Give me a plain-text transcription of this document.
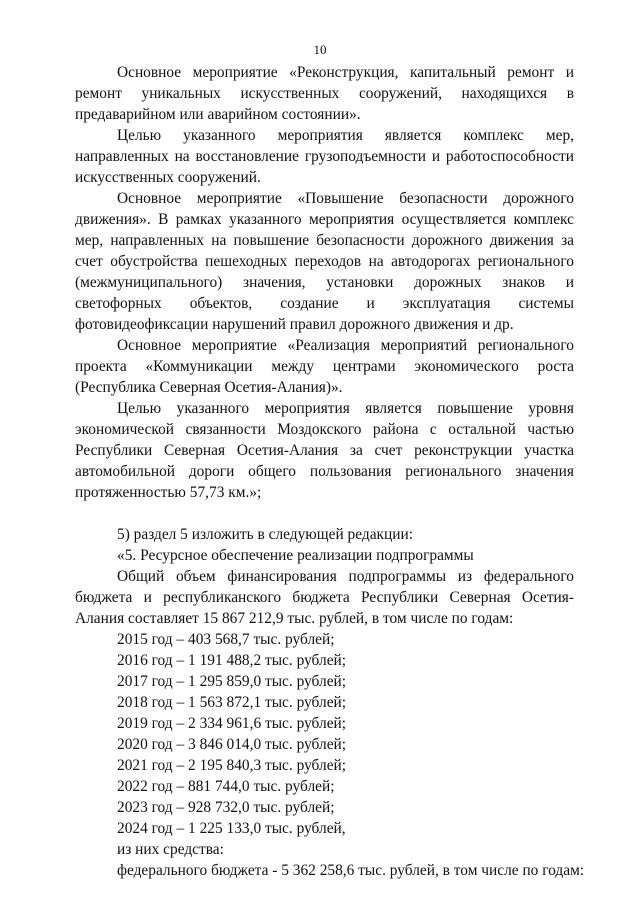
10

Основное мероприятие «Реконструкция, капитальный ремонт и ремонт уникальных искусственных сооружений, находящихся в предаварийном или аварийном состоянии».

Целью указанного мероприятия является комплекс мер, направленных на восстановление грузоподъемности и работоспособности искусственных сооружений.

Основное мероприятие «Повышение безопасности дорожного движения». В рамках указанного мероприятия осуществляется комплекс мер, направленных на повышение безопасности дорожного движения за счет обустройства пешеходных переходов на автодорогах регионального (межмуниципального) значения, установки дорожных знаков и светофорных объектов, создание и эксплуатация системы фотовидеофиксации нарушений правил дорожного движения и др.

Основное мероприятие «Реализация мероприятий регионального проекта «Коммуникации между центрами экономического роста (Республика Северная Осетия-Алания)».

Целью указанного мероприятия является повышение уровня экономической связанности Моздокского района с остальной частью Республики Северная Осетия-Алания за счет реконструкции участка автомобильной дороги общего пользования регионального значения протяженностью 57,73 км.»;

5) раздел 5 изложить в следующей редакции:

«5. Ресурсное обеспечение реализации подпрограммы

Общий объем финансирования подпрограммы из федерального бюджета и республиканского бюджета Республики Северная Осетия-Алания составляет 15 867 212,9 тыс. рублей, в том числе по годам:

2015 год – 403 568,7 тыс. рублей;

2016 год – 1 191 488,2 тыс. рублей;

2017 год – 1 295 859,0 тыс. рублей;

2018 год – 1 563 872,1 тыс. рублей;

2019 год – 2 334 961,6 тыс. рублей;

2020 год – 3 846 014,0 тыс. рублей;

2021 год – 2 195 840,3 тыс. рублей;

2022 год – 881 744,0 тыс. рублей;

2023 год – 928 732,0 тыс. рублей;

2024 год – 1 225 133,0 тыс. рублей,

из них средства:

федерального бюджета - 5 362 258,6 тыс. рублей, в том числе по годам:
